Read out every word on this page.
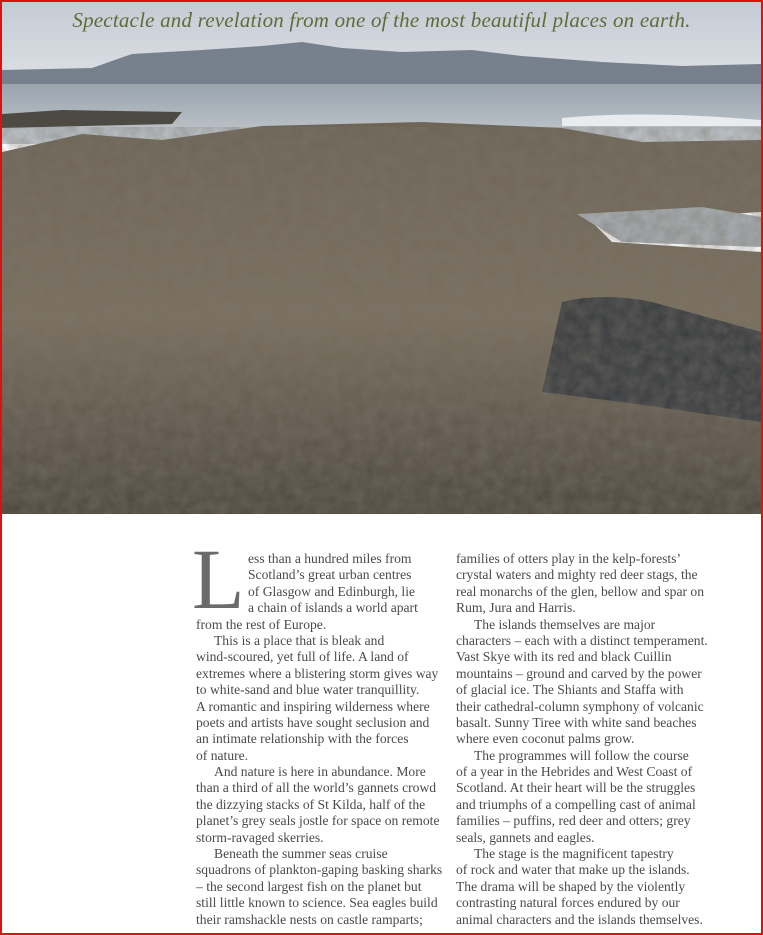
Spectacle and revelation from one of the most beautiful places on earth.
L ess than a hundred miles from
Scotland’s great urban centres
of Glasgow and Edinburgh, lie
a chain of islands a world apart
from the rest of Europe.
This is a place that is bleak and
wind-scoured, yet full of life. A land of
extremes where a blistering storm gives way
to white-sand and blue water tranquillity.
A romantic and inspiring wilderness where
poets and artists have sought seclusion and
an intimate relationship with the forces
of nature.
And nature is here in abundance. More
than a third of all the world’s gannets crowd
the dizzying stacks of St Kilda, half of the
planet’s grey seals jostle for space on remote
storm-ravaged skerries.
Beneath the summer seas cruise
squadrons of plankton-gaping basking sharks
– the second largest fish on the planet but
still little known to science. Sea eagles build
their ramshackle nests on castle ramparts;
families of otters play in the kelp-forests’
crystal waters and mighty red deer stags, the
real monarchs of the glen, bellow and spar on
Rum, Jura and Harris.
The islands themselves are major
characters – each with a distinct temperament.
Vast Skye with its red and black Cuillin
mountains – ground and carved by the power
of glacial ice. The Shiants and Staffa with
their cathedral-column symphony of volcanic
basalt. Sunny Tiree with white sand beaches
where even coconut palms grow.
The programmes will follow the course
of a year in the Hebrides and West Coast of
Scotland. At their heart will be the struggles
and triumphs of a compelling cast of animal
families – puffins, red deer and otters; grey
seals, gannets and eagles.
The stage is the magnificent tapestry
of rock and water that make up the islands.
The drama will be shaped by the violently
contrasting natural forces endured by our
animal characters and the islands themselves.
